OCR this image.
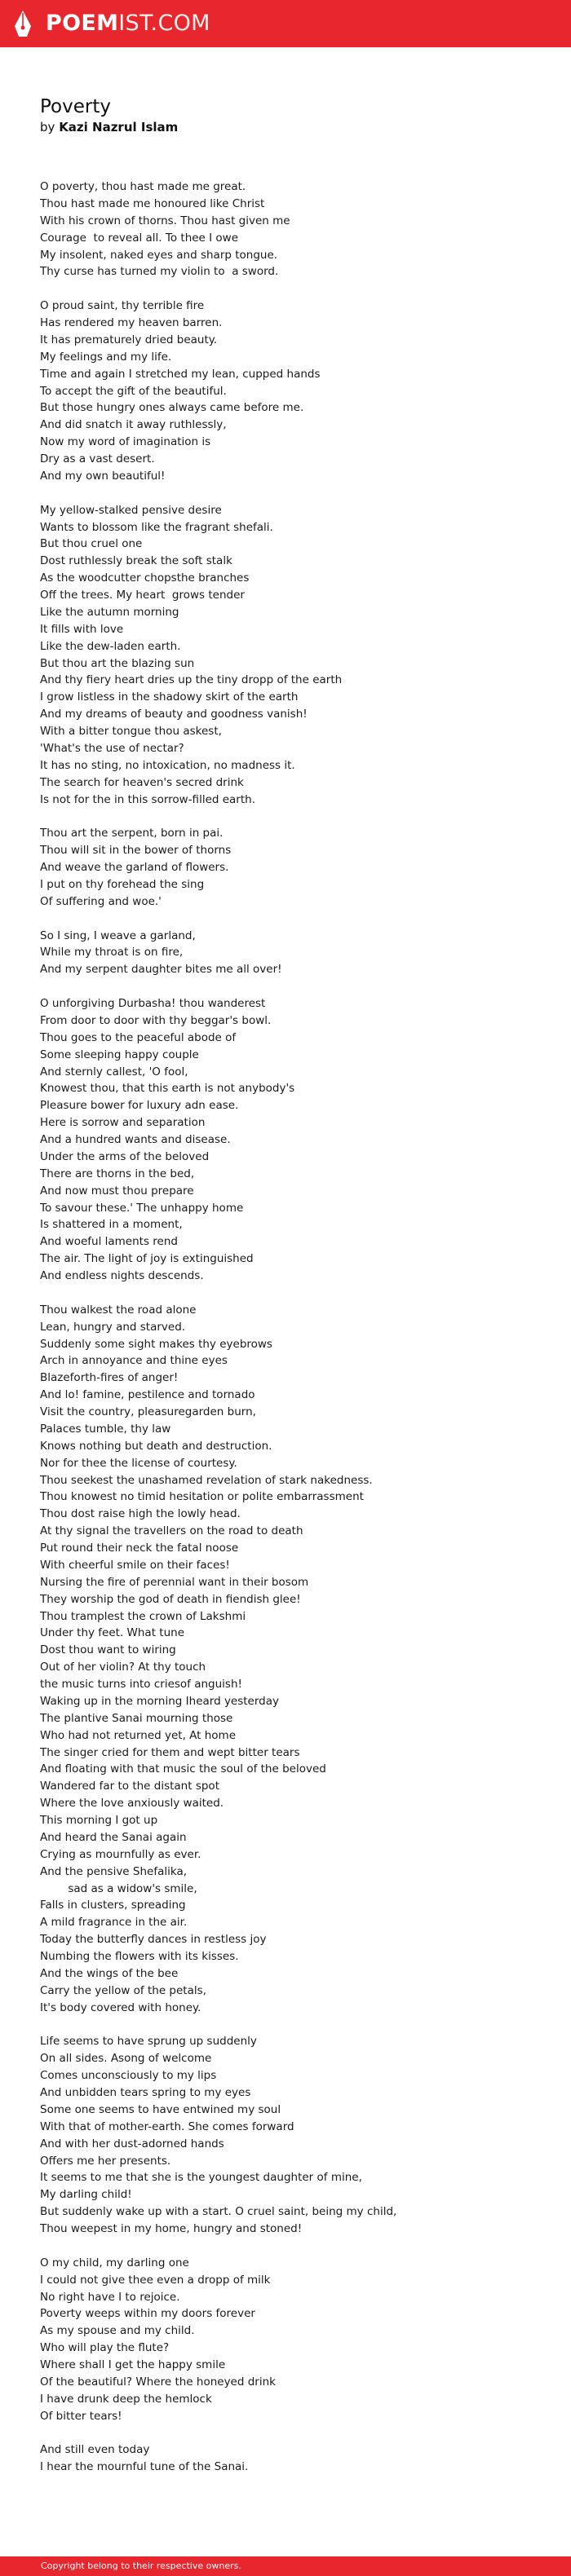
POEMIST.COM
Poverty
by Kazi Nazrul Islam
O poverty, thou hast made me great.
Thou hast made me honoured like Christ
With his crown of thorns. Thou hast given me
Courage  to reveal all. To thee I owe
My insolent, naked eyes and sharp tongue.
Thy curse has turned my violin to  a sword.
O proud saint, thy terrible fire
Has rendered my heaven barren.
It has prematurely dried beauty.
My feelings and my life.
Time and again I stretched my lean, cupped hands
To accept the gift of the beautiful.
But those hungry ones always came before me.
And did snatch it away ruthlessly,
Now my word of imagination is
Dry as a vast desert.
And my own beautiful!
My yellow-stalked pensive desire
Wants to blossom like the fragrant shefali.
But thou cruel one
Dost ruthlessly break the soft stalk
As the woodcutter chopsthe branches
Off the trees. My heart  grows tender
Like the autumn morning
It fills with love
Like the dew-laden earth.
But thou art the blazing sun
And thy fiery heart dries up the tiny dropp of the earth
I grow listless in the shadowy skirt of the earth
And my dreams of beauty and goodness vanish!
With a bitter tongue thou askest,
'What's the use of nectar?
It has no sting, no intoxication, no madness it.
The search for heaven's secred drink
Is not for the in this sorrow-filled earth.
Thou art the serpent, born in pai.
Thou will sit in the bower of thorns
And weave the garland of flowers.
I put on thy forehead the sing
Of suffering and woe.'
So I sing, I weave a garland,
While my throat is on fire,
And my serpent daughter bites me all over!
O unforgiving Durbasha! thou wanderest
From door to door with thy beggar's bowl.
Thou goes to the peaceful abode of
Some sleeping happy couple
And sternly callest, 'O fool,
Knowest thou, that this earth is not anybody's
Pleasure bower for luxury adn ease.
Here is sorrow and separation
And a hundred wants and disease.
Under the arms of the beloved
There are thorns in the bed,
And now must thou prepare
To savour these.' The unhappy home
Is shattered in a moment,
And woeful laments rend
The air. The light of joy is extinguished
And endless nights descends.
Thou walkest the road alone
Lean, hungry and starved.
Suddenly some sight makes thy eyebrows
Arch in annoyance and thine eyes
Blazeforth-fires of anger!
And lo! famine, pestilence and tornado
Visit the country, pleasuregarden burn,
Palaces tumble, thy law
Knows nothing but death and destruction.
Nor for thee the license of courtesy.
Thou seekest the unashamed revelation of stark nakedness.
Thou knowest no timid hesitation or polite embarrassment
Thou dost raise high the lowly head.
At thy signal the travellers on the road to death
Put round their neck the fatal noose
With cheerful smile on their faces!
Nursing the fire of perennial want in their bosom
They worship the god of death in fiendish glee!
Thou tramplest the crown of Lakshmi
Under thy feet. What tune
Dost thou want to wiring
Out of her violin? At thy touch
the music turns into criesof anguish!
Waking up in the morning Iheard yesterday
The plantive Sanai mourning those
Who had not returned yet, At home
The singer cried for them and wept bitter tears
And floating with that music the soul of the beloved
Wandered far to the distant spot
Where the love anxiously waited.
This morning I got up
And heard the Sanai again
Crying as mournfully as ever.
And the pensive Shefalika,
sad as a widow's smile,
Falls in clusters, spreading
A mild fragrance in the air.
Today the butterfly dances in restless joy
Numbing the flowers with its kisses.
And the wings of the bee
Carry the yellow of the petals,
It's body covered with honey.
Life seems to have sprung up suddenly
On all sides. Asong of welcome
Comes unconsciously to my lips
And unbidden tears spring to my eyes
Some one seems to have entwined my soul
With that of mother-earth. She comes forward
And with her dust-adorned hands
Offers me her presents.
It seems to me that she is the youngest daughter of mine,
My darling child!
But suddenly wake up with a start. O cruel saint, being my child,
Thou weepest in my home, hungry and stoned!
O my child, my darling one
I could not give thee even a dropp of milk
No right have I to rejoice.
Poverty weeps within my doors forever
As my spouse and my child.
Who will play the flute?
Where shall I get the happy smile
Of the beautiful? Where the honeyed drink
I have drunk deep the hemlock
Of bitter tears!
And still even today
I hear the mournful tune of the Sanai.
Copyright belong to their respective owners.
